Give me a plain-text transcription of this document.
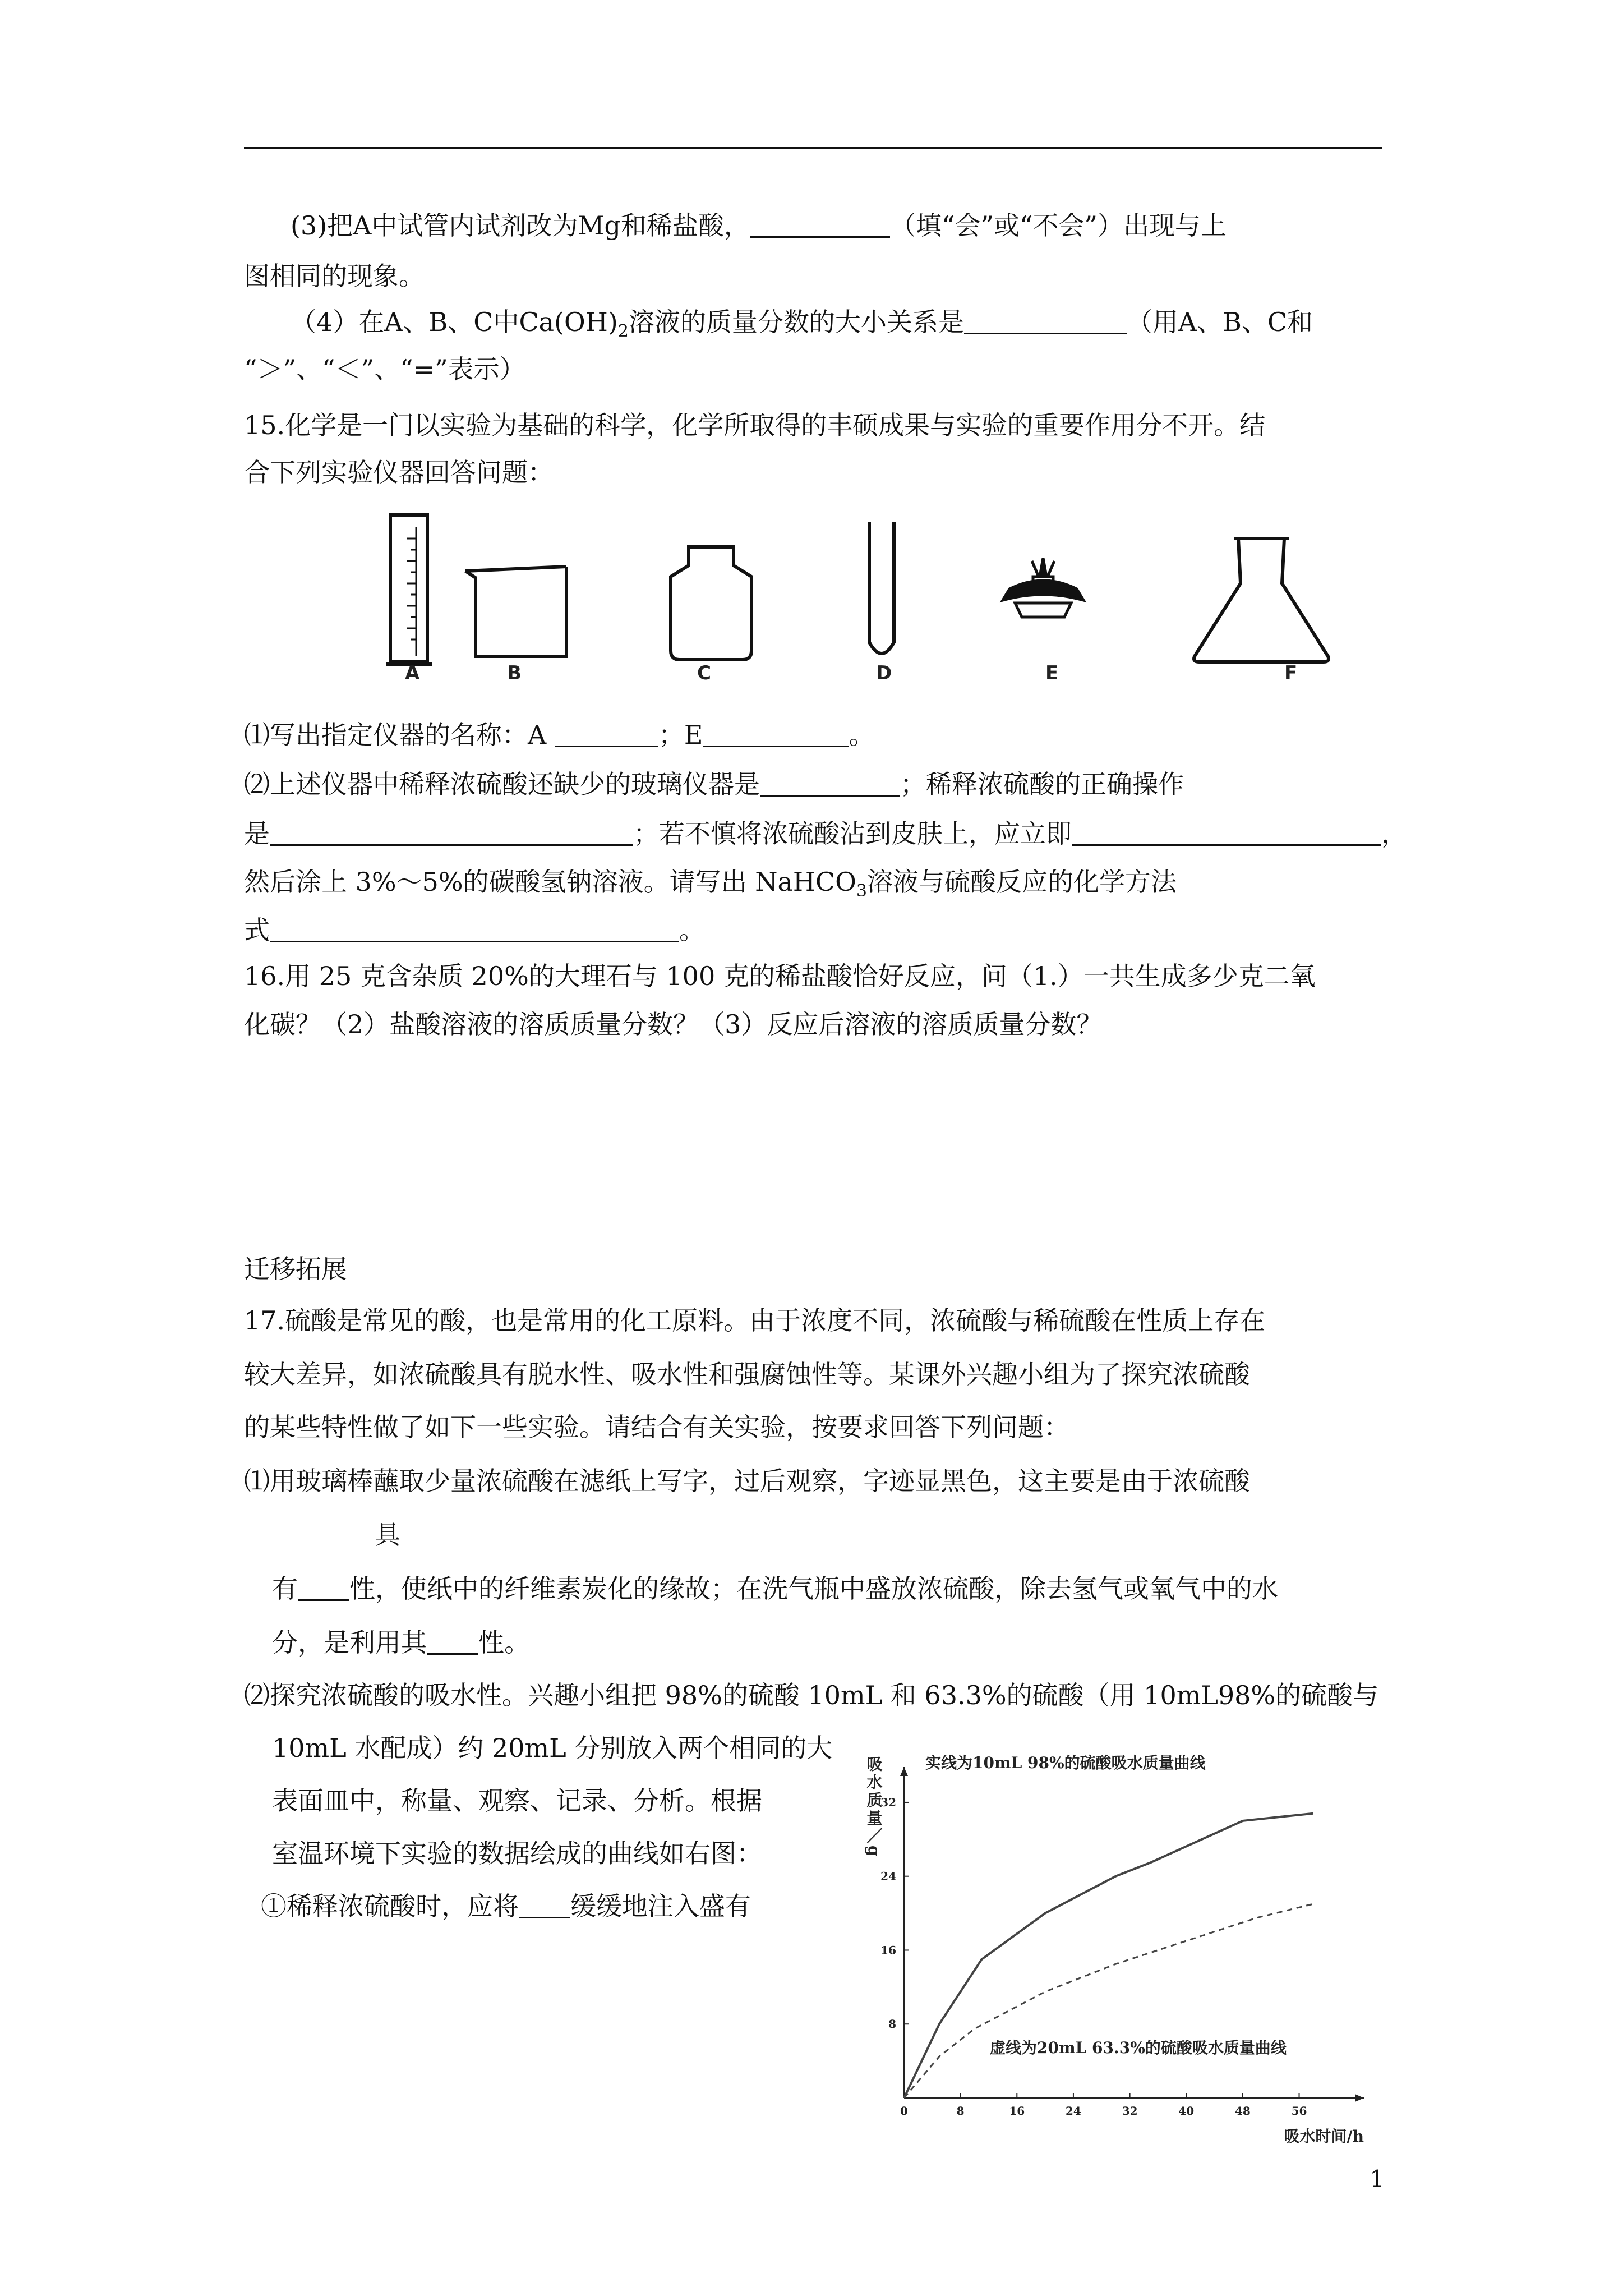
(3)把A中试管内试剂改为Mg和稀盐酸，	（填“会”或“不会”）出现与上
图相同的现象。
（4）在A、B、C中$Ca(OH)_2$溶液的质量分数的大小关系是	（用A、B、C和
“＞”、“＜”、“=”表示）
15.化学是一门以实验为基础的科学，化学所取得的丰硕成果与实验的重要作用分不开。结
合下列实验仪器回答问题：
A	B	C	D	E	F
⑴写出指定仪器的名称：A	；E	。
⑵上述仪器中稀释浓硫酸还缺少的玻璃仪器是	；稀释浓硫酸的正确操作
是	；若不慎将浓硫酸沾到皮肤上，应立即	，
然后涂上 3%～5%的碳酸氢钠溶液。请写出 NaHCO$_3$溶液与硫酸反应的化学方法
式	。
16.用 25 克含杂质 20%的大理石与 100 克的稀盐酸恰好反应，问（1.）一共生成多少克二氧
化碳？（2）盐酸溶液的溶质质量分数？（3）反应后溶液的溶质质量分数？
迁移拓展
17.硫酸是常见的酸，也是常用的化工原料。由于浓度不同，浓硫酸与稀硫酸在性质上存在
较大差异，如浓硫酸具有脱水性、吸水性和强腐蚀性等。某课外兴趣小组为了探究浓硫酸
的某些特性做了如下一些实验。请结合有关实验，按要求回答下列问题：
⑴用玻璃棒蘸取少量浓硫酸在滤纸上写字，过后观察，字迹显黑色，这主要是由于浓硫酸
具
有 性，使纸中的纤维素炭化的缘故；在洗气瓶中盛放浓硫酸，除去氢气或氧气中的水
分，是利用其 性。
⑵探究浓硫酸的吸水性。兴趣小组把 98%的硫酸 10mL 和 63.3%的硫酸（用 10mL98%的硫酸与
10mL 水配成）约 20mL 分别放入两个相同的大
表面皿中，称量、观察、记录、分析。根据
室温环境下实验的数据绘成的曲线如右图：
①稀释浓硫酸时，应将 缓缓地注入盛有
0	8	16	24	32	40	48	56
8
16
24
32
实线为10mL 98%的硫酸吸水质量曲线
虚线为20mL 63.3%的硫酸吸水质量曲线
吸水质量／g
吸水时间/h
1
